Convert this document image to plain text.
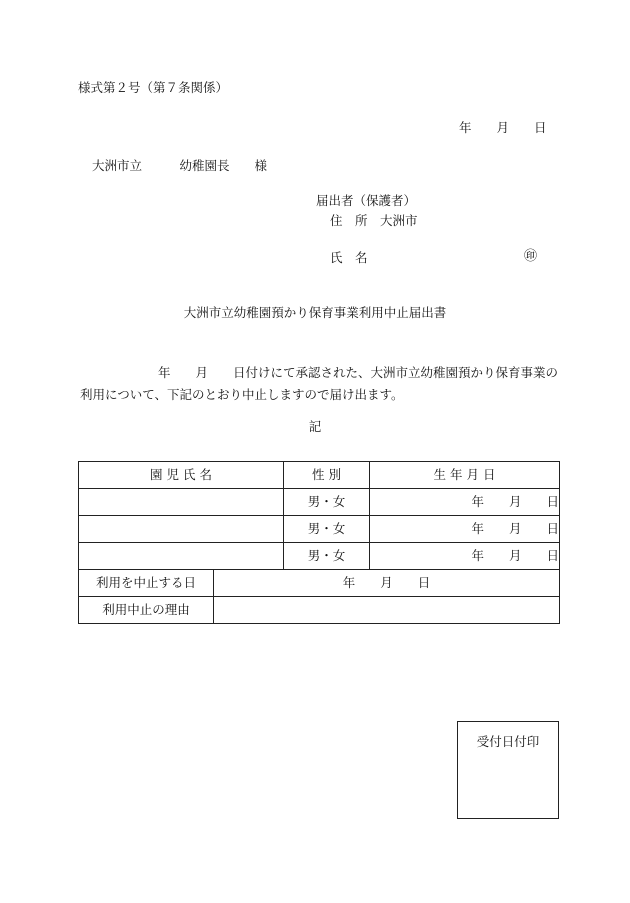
様式第２号（第７条関係）
年　　月　　日
大洲市立　　　幼稚園長　　様
届出者（保護者）
住　所　大洲市
氏　名	㊞
大洲市立幼稚園預かり保育事業利用中止届出書
年　　月　　日付けにて承認された、大洲市立幼稚園預かり保育事業の利用について、下記のとおり中止しますので届け出ます。
記
園 児 氏 名		性 別	生 年 月 日
		男・女	年　　月　　日
		男・女	年　　月　　日
		男・女	年　　月　　日
利用を中止する日	年　　月　　日		
利用中止の理由			
受付日付印
